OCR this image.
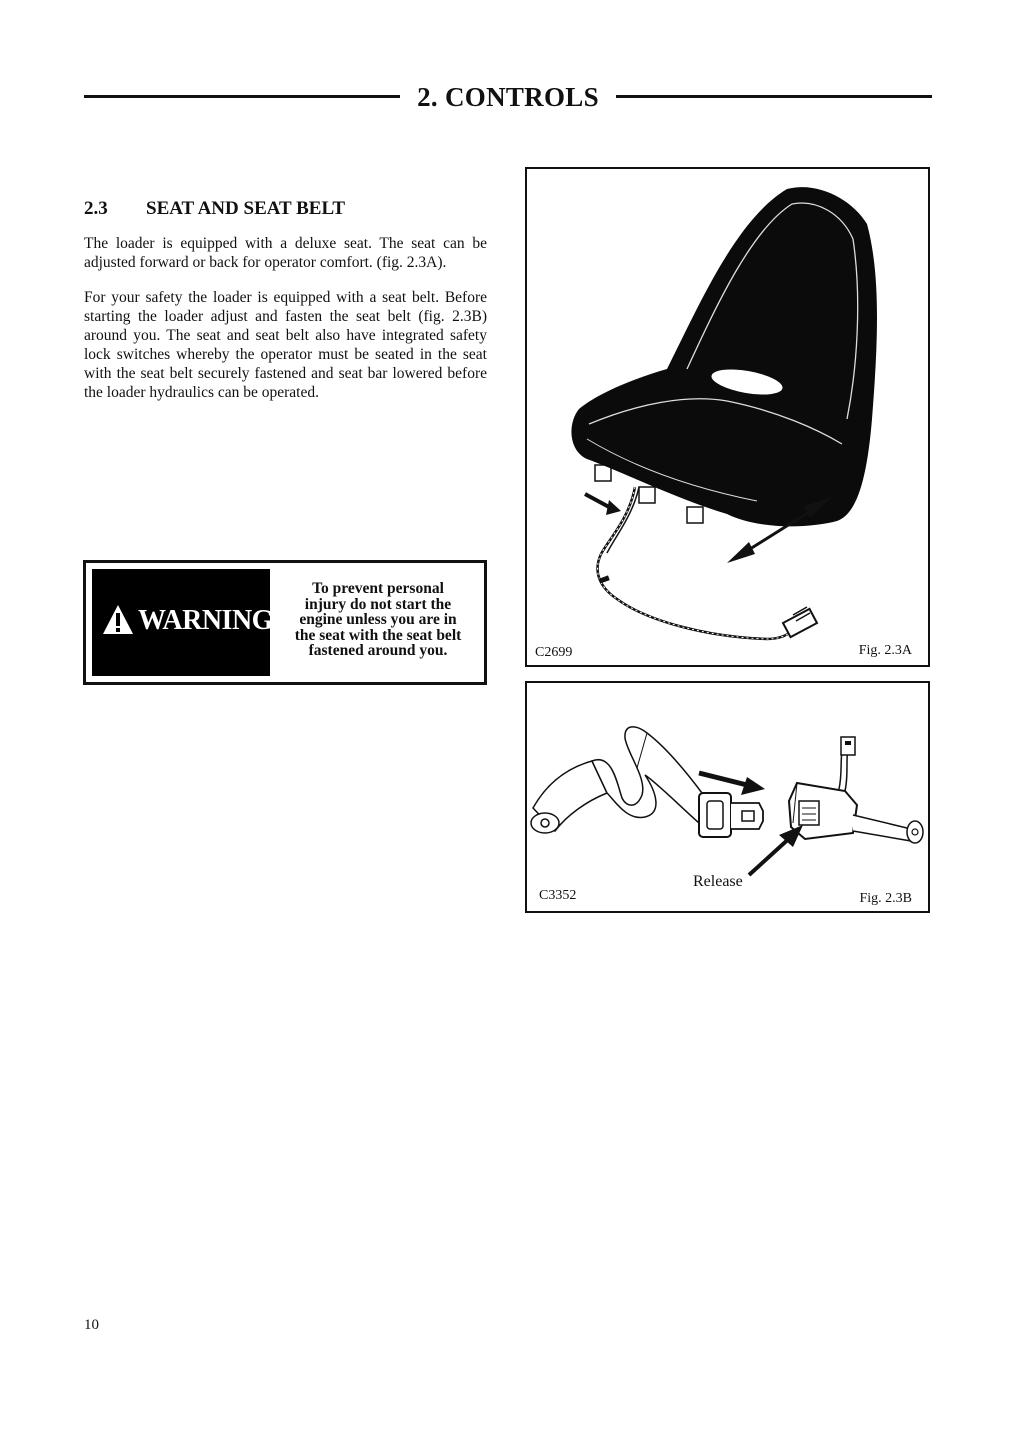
2. CONTROLS
2.3 SEAT AND SEAT BELT

The loader is equipped with a deluxe seat. The seat can be adjusted forward or back for operator comfort. (fig. 2.3A).

For your safety the loader is equipped with a seat belt. Before starting the loader adjust and fasten the seat belt (fig. 2.3B) around you. The seat and seat belt also have integrated safety lock switches whereby the operator must be seated in the seat with the seat belt securely fastened and seat bar lowered before the loader hydraulics can be operated.

WARNING
To prevent personal
injury do not start the
engine unless you are in
the seat with the seat belt
fastened around you.	C2699	Fig. 2.3A
Release
C3352	Fig. 2.3B
10
